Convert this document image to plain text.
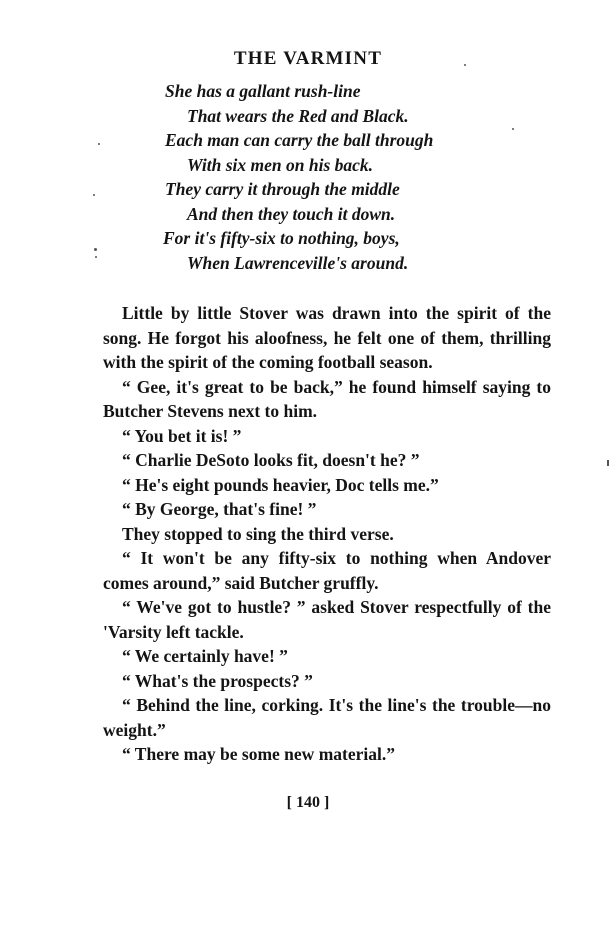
THE VARMINT
She has a gallant rush-line
That wears the Red and Black.
Each man can carry the ball through
With six men on his back.
They carry it through the middle
And then they touch it down.
For it's fifty-six to nothing, boys,
When Lawrenceville's around.

Little by little Stover was drawn into the spirit of the song. He forgot his aloofness, he felt one of them, thrilling with the spirit of the coming football season.

“ Gee, it's great to be back,” he found himself saying to Butcher Stevens next to him.

“ You bet it is! ”

“ Charlie DeSoto looks fit, doesn't he? ”

“ He's eight pounds heavier, Doc tells me.”

“ By George, that's fine! ”

They stopped to sing the third verse.

“ It won't be any fifty-six to nothing when Andover comes around,” said Butcher gruffly.

“ We've got to hustle? ” asked Stover respectfully of the 'Varsity left tackle.

“ We certainly have! ”

“ What's the prospects? ”

“ Behind the line, corking. It's the line's the trouble—no weight.”

“ There may be some new material.”

[ 140 ]
